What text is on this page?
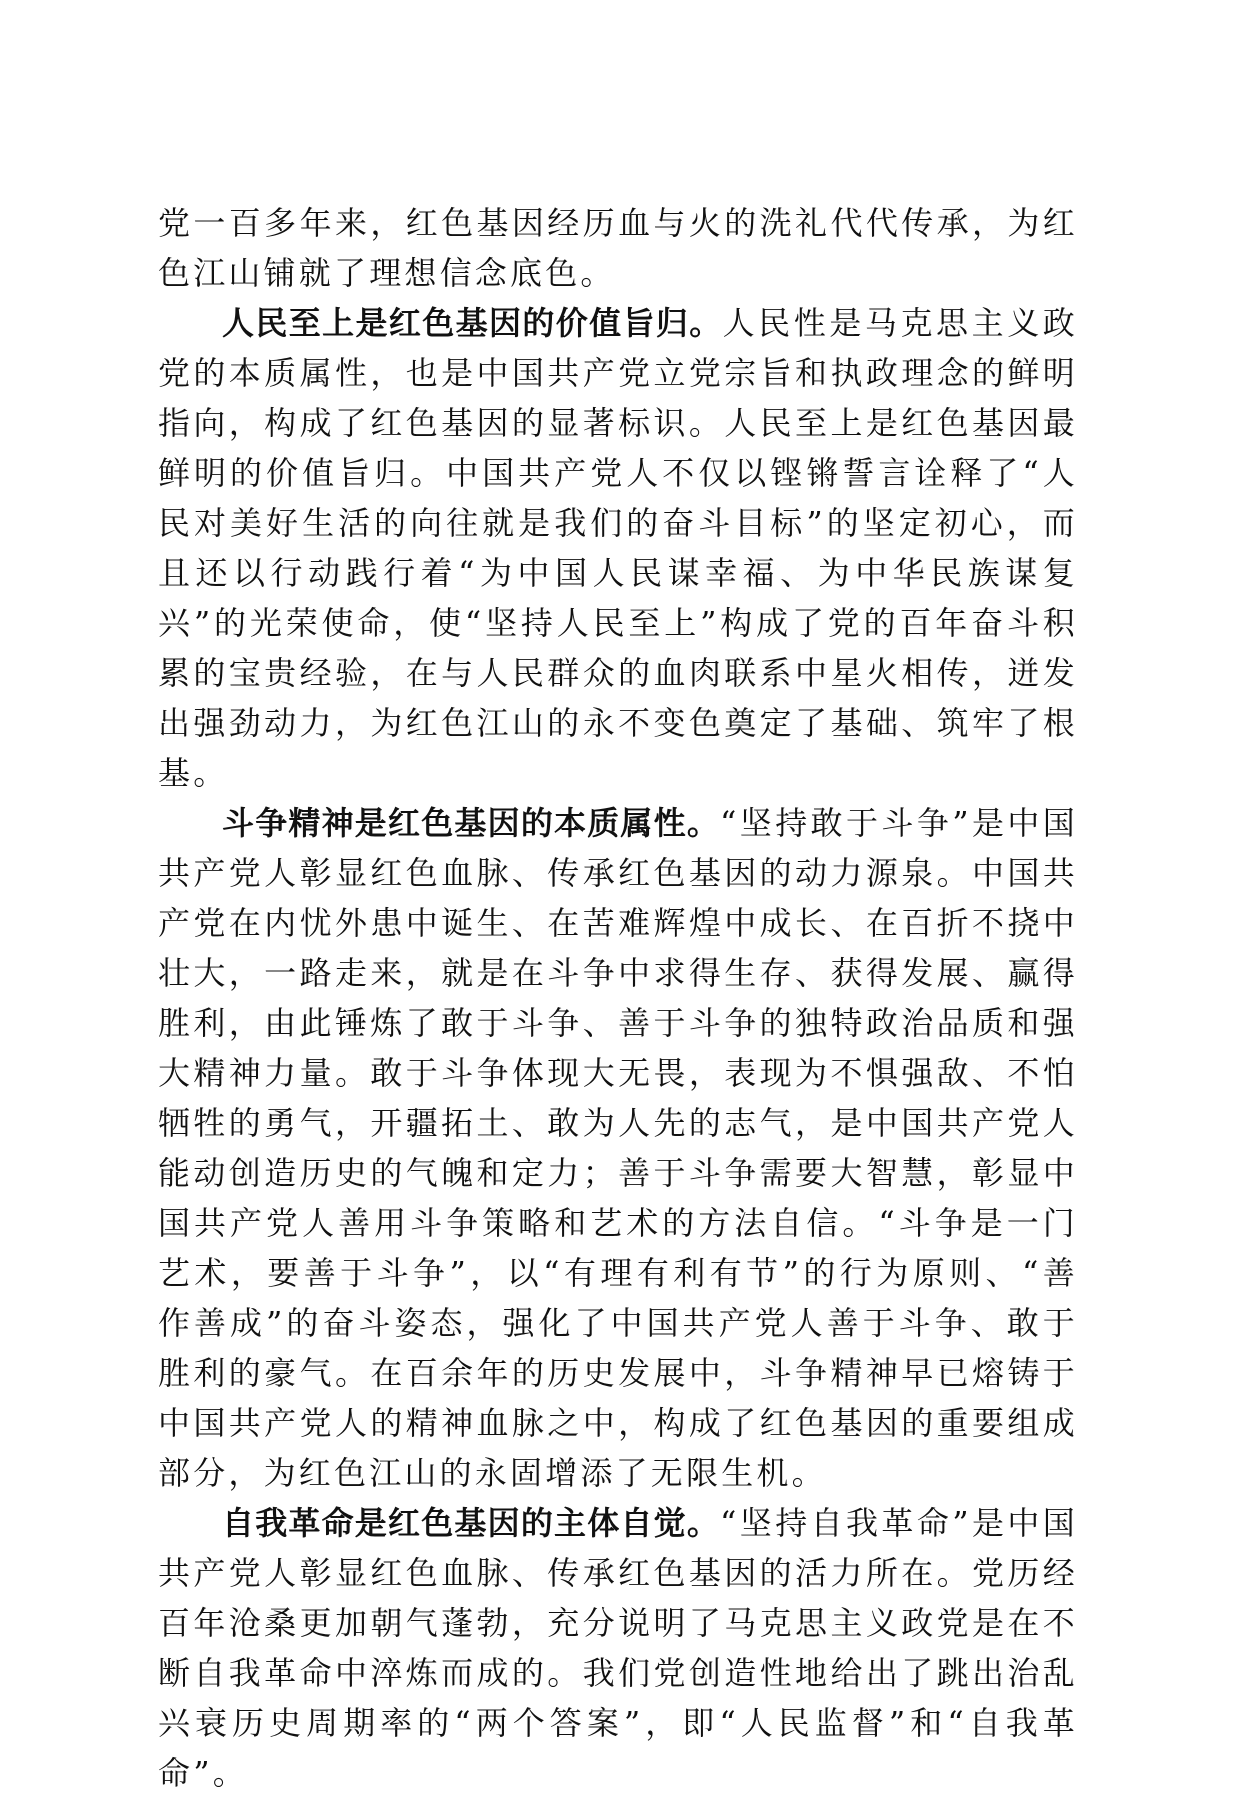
党一百多年来，红色基因经历血与火的洗礼代代传承，为红色江山铺就了理想信念底色。

人民至上是红色基因的价值旨归。人民性是马克思主义政党的本质属性，也是中国共产党立党宗旨和执政理念的鲜明指向，构成了红色基因的显著标识。人民至上是红色基因最鲜明的价值旨归。中国共产党人不仅以铿锵誓言诠释了“人民对美好生活的向往就是我们的奋斗目标”的坚定初心，而且还以行动践行着“为中国人民谋幸福、为中华民族谋复兴”的光荣使命，使“坚持人民至上”构成了党的百年奋斗积累的宝贵经验，在与人民群众的血肉联系中星火相传，迸发出强劲动力，为红色江山的永不变色奠定了基础、筑牢了根基。

斗争精神是红色基因的本质属性。“坚持敢于斗争”是中国共产党人彰显红色血脉、传承红色基因的动力源泉。中国共产党在内忧外患中诞生、在苦难辉煌中成长、在百折不挠中壮大，一路走来，就是在斗争中求得生存、获得发展、赢得胜利，由此锤炼了敢于斗争、善于斗争的独特政治品质和强大精神力量。敢于斗争体现大无畏，表现为不惧强敌、不怕牺牲的勇气，开疆拓土、敢为人先的志气，是中国共产党人能动创造历史的气魄和定力；善于斗争需要大智慧，彰显中国共产党人善用斗争策略和艺术的方法自信。“斗争是一门艺术，要善于斗争”，以“有理有利有节”的行为原则、“善作善成”的奋斗姿态，强化了中国共产党人善于斗争、敢于胜利的豪气。在百余年的历史发展中，斗争精神早已熔铸于中国共产党人的精神血脉之中，构成了红色基因的重要组成部分，为红色江山的永固增添了无限生机。

自我革命是红色基因的主体自觉。“坚持自我革命”是中国共产党人彰显红色血脉、传承红色基因的活力所在。党历经百年沧桑更加朝气蓬勃，充分说明了马克思主义政党是在不断自我革命中淬炼而成的。我们党创造性地给出了跳出治乱兴衰历史周期率的“两个答案”，即“人民监督”和“自我革命”。
